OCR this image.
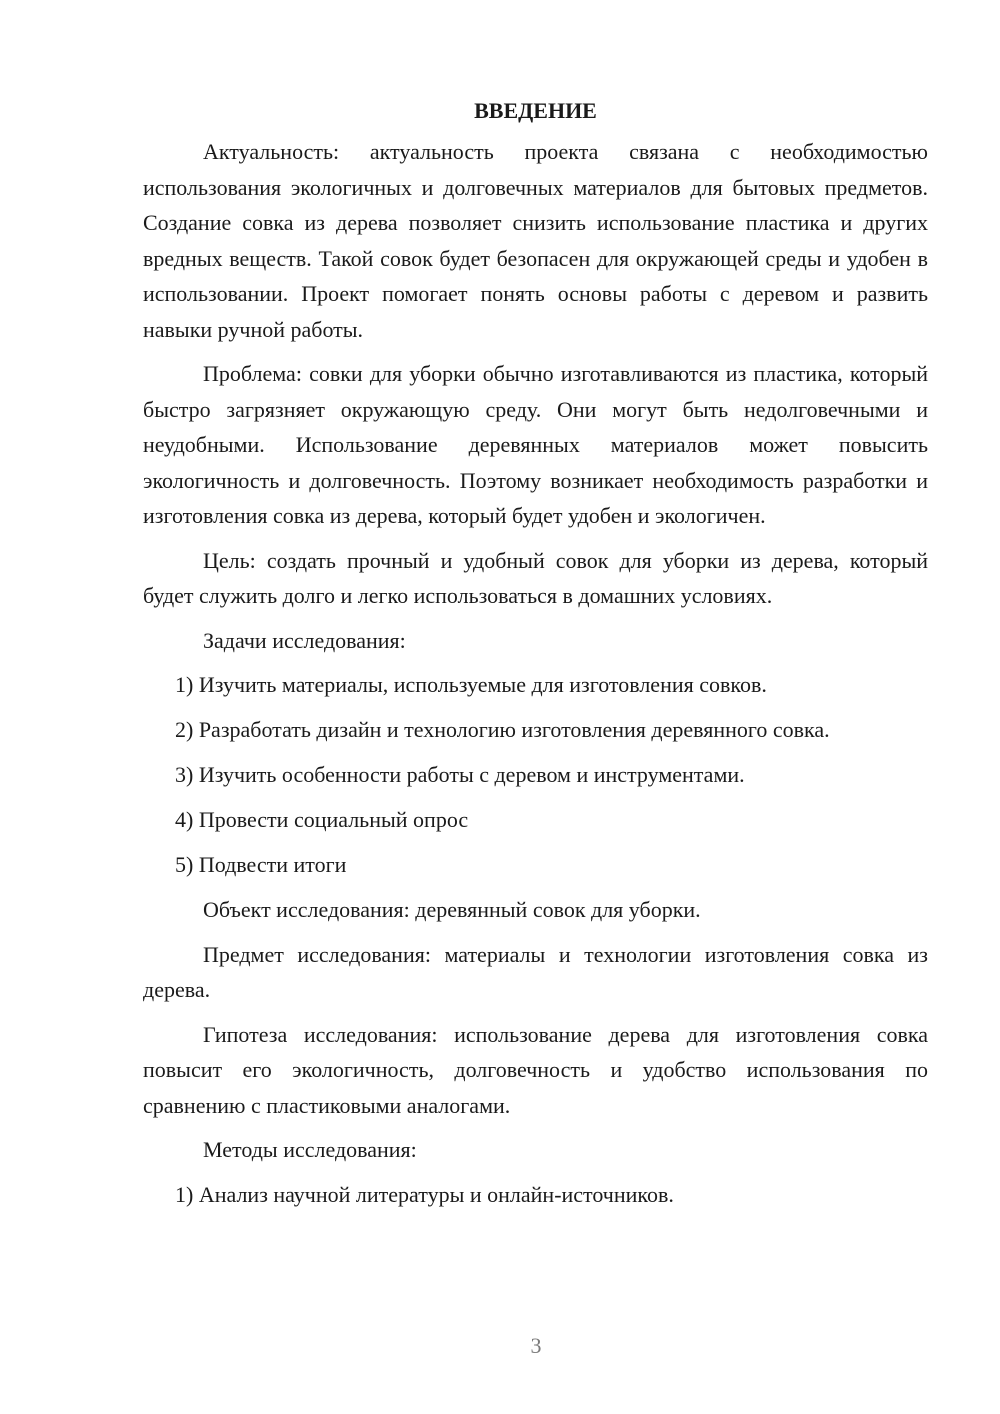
ВВЕДЕНИЕ

Актуальность: актуальность проекта связана с необходимостью использования экологичных и долговечных материалов для бытовых предметов. Создание совка из дерева позволяет снизить использование пластика и других вредных веществ. Такой совок будет безопасен для окружающей среды и удобен в использовании. Проект помогает понять основы работы с деревом и развить навыки ручной работы.

Проблема: совки для уборки обычно изготавливаются из пластика, который быстро загрязняет окружающую среду. Они могут быть недолговечными и неудобными. Использование деревянных материалов может повысить экологичность и долговечность. Поэтому возникает необходимость разработки и изготовления совка из дерева, который будет удобен и экологичен.

Цель: создать прочный и удобный совок для уборки из дерева, который будет служить долго и легко использоваться в домашних условиях.

Задачи исследования:

1) Изучить материалы, используемые для изготовления совков.
2) Разработать дизайн и технологию изготовления деревянного совка.
3) Изучить особенности работы с деревом и инструментами.
4) Провести социальный опрос
5) Подвести итоги

Объект исследования: деревянный совок для уборки.

Предмет исследования: материалы и технологии изготовления совка из дерева.

Гипотеза исследования: использование дерева для изготовления совка повысит его экологичность, долговечность и удобство использования по сравнению с пластиковыми аналогами.

Методы исследования:

1) Анализ научной литературы и онлайн-источников.
3
